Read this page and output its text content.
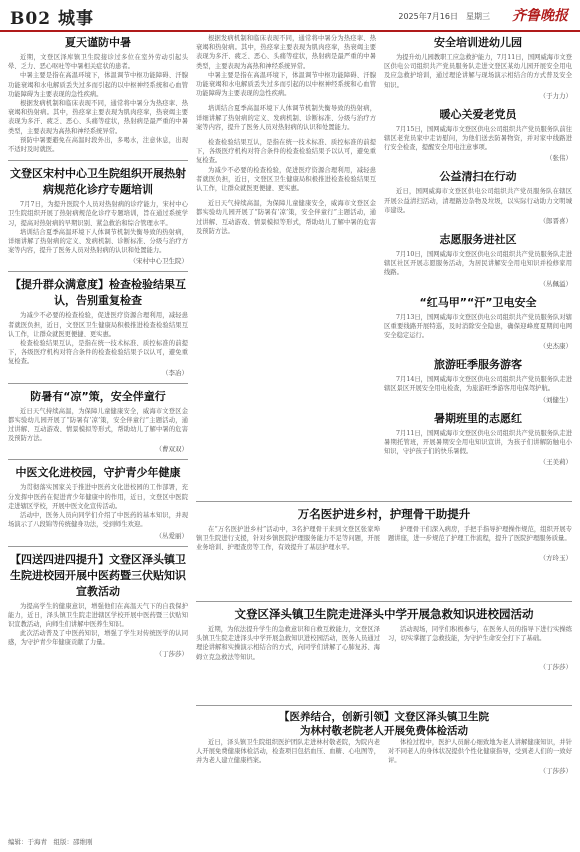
B02 城事	2025年7月16日　星期三 齐鲁晚报
夏天谨防中暑

近期，文登区泽库镇卫生院接诊过多位在室外劳动引起头晕、乏力、恶心呕吐等中暑相关症状的患者。

中暑主要是指在高温环境下，体温调节中枢功能障碍、汗腺功能衰竭和水电解质丢失过多而引起的以中枢神经系统和心血管功能障碍为主要表现的急性疾病。

根据发病机制和临床表现不同，通常将中暑分为热痉挛、热衰竭和热射病。其中，热痉挛主要表现为肌肉痉挛，热衰竭主要表现为多汗、疲乏、恶心、头痛等症状，热射病是最严重的中暑类型，主要表现为高热和神经系统异常。

预防中暑要避免在高温时段外出，多喝水，注意休息，出现不适时及时就医。

文登区宋村中心卫生院组织开展热射病规范化诊疗专题培训

7月7日，为提升医院个人员对热射病的诊疗能力，宋村中心卫生院组织开展了热射病规范化诊疗专题培训，旨在通过系统学习，提高对热射病的早期识别、紧急救治和综合管理水平。

培训结合夏季高温环境下人体调节机制失衡导致的热射病，详细讲解了热射病的定义、发病机制、诊断标准、分级与治疗方案等内容，提升了医务人员对热射病的认识和处置能力。

（宋村中心卫生院）
【提升群众满意度】检查检验结果互认，告别重复检查

为减少不必要的检查检验，促进医疗资源合理利用，减轻患者就医负担，近日，文登区卫生健康局积极推进检查检验结果互认工作，让群众就医更便捷、更实惠。

检查检验结果互认，是指在统一技术标准、质控标准的前提下，各级医疗机构对符合条件的检查检验结果予以认可，避免重复检查。

（李冶）
防暑有“凉”策，安全伴童行

近日天气持续高温，为保障儿童健康安全，威海市文登区金都实验幼儿园开展了“防暑有‘凉’策，安全伴童行”主题活动，通过讲解、互动游戏、情景模拟等形式，帮助幼儿了解中暑的危害及预防方法。

（曹双双）
中医文化进校园，守护青少年健康

为贯彻落实国家关于推进中医药文化进校园的工作部署，充分发挥中医药在促进青少年健康中的作用，近日，文登区中医院走进辖区学校，开展中医文化宣传活动。

活动中，医务人员向同学们介绍了中医药的基本知识，并现场演示了八段锦等传统健身功法，受到师生欢迎。

（丛爱丽）
【四送四进四提升】文登区泽头镇卫生院进校园开展中医药暨三伏贴知识宣教活动

为提高学生的健康意识，增强他们在高温天气下的自我保护能力，近日，泽头镇卫生院走进辖区学校开展中医药暨三伏贴知识宣教活动，向师生们讲解中医养生知识。

此次活动普及了中医药知识，增强了学生对传统医学的认同感，为守护青少年健康贡献了力量。

（丁莎莎）
安全培训进幼儿园

为提升幼儿园教职工应急救护能力，7月11日，国网威海市文登区供电公司组织共产党员服务队走进文登区某幼儿园开展安全用电及应急救护培训，通过理论讲解与现场演示相结合的方式普及安全知识。

（于力力）
暖心关爱老党员

7月15日，国网威海市文登区供电公司组织共产党员服务队前往辖区老党员家中走访慰问，为他们送去防暑物资，并对家中线路进行安全检查，提醒安全用电注意事项。

（张伟）
公益清扫在行动

近日，国网威海市文登区供电公司组织共产党员服务队在辖区开展公益清扫活动，清理路边杂物及垃圾，以实际行动助力文明城市建设。

（郎晋喜）
志愿服务进社区

7月10日，国网威海市文登区供电公司组织共产党员服务队走进辖区社区开展志愿服务活动，为居民讲解安全用电知识并检修家用线路。

（丛佩溢）
“红马甲”“汗”卫电安全

7月13日，国网威海市文登区供电公司组织共产党员服务队对辖区重要线路开展特巡，及时消除安全隐患，确保迎峰度夏期间电网安全稳定运行。

（史杰康）
旅游旺季服务游客

7月14日，国网威海市文登区供电公司组织共产党员服务队走进辖区景区开展安全用电检查，为旅游旺季游客用电保驾护航。

（刘健生）
暑期班里的志愿红

7月11日，国网威海市文登区供电公司组织共产党员服务队走进暑期托管班，开展暑期安全用电知识宣讲，为孩子们讲解防触电小知识，守护孩子们的快乐暑假。

（王美莉）

根据发病机制和临床表现不同，通常将中暑分为热痉挛、热衰竭和热射病。其中，热痉挛主要表现为肌肉痉挛，热衰竭主要表现为多汗、疲乏、恶心、头痛等症状，热射病是最严重的中暑类型，主要表现为高热和神经系统异常。

中暑主要是指在高温环境下，体温调节中枢功能障碍、汗腺功能衰竭和水电解质丢失过多而引起的以中枢神经系统和心血管功能障碍为主要表现的急性疾病。

培训结合夏季高温环境下人体调节机制失衡导致的热射病，详细讲解了热射病的定义、发病机制、诊断标准、分级与治疗方案等内容，提升了医务人员对热射病的认识和处置能力。

检查检验结果互认，是指在统一技术标准、质控标准的前提下，各级医疗机构对符合条件的检查检验结果予以认可，避免重复检查。

为减少不必要的检查检验，促进医疗资源合理利用，减轻患者就医负担，近日，文登区卫生健康局积极推进检查检验结果互认工作，让群众就医更便捷、更实惠。

近日天气持续高温，为保障儿童健康安全，威海市文登区金都实验幼儿园开展了“防暑有‘凉’策，安全伴童行”主题活动，通过讲解、互动游戏、情景模拟等形式，帮助幼儿了解中暑的危害及预防方法。

万名医护进乡村，护理骨干助提升

在“万名医护进乡村”活动中，3名护理骨干来到文登区张家埠镇卫生院进行支援，针对乡镇医院护理服务能力不足等问题，开展业务培训、护理查房等工作，有效提升了基层护理水平。

护理骨干们深入病房，手把手指导护理操作规范，组织开展专题讲座，进一步规范了护理工作流程，提升了医院护理服务质量。

（方玲玉）
文登区泽头镇卫生院走进泽头中学开展急救知识进校园活动

近期，为依法提升学生的急救意识和自救互救能力，文登区泽头镇卫生院走进泽头中学开展急救知识进校园活动，医务人员通过理论讲解和实操演示相结合的方式，向同学们讲解了心肺复苏、海姆立克急救法等知识。

活动现场，同学们积极参与，在医务人员的指导下进行实操练习，切实掌握了急救技能，为守护生命安全打下了基础。

（丁莎莎）
【医养结合，创新引领】文登区泽头镇卫生院
为林村敬老院老人开展免费体检活动

近日，泽头镇卫生院组织医护团队走进林村敬老院，为院内老人开展免费健康体检活动，检查项目包括血压、血糖、心电图等，并为老人建立健康档案。

体检过程中，医护人员耐心细致地为老人讲解健康知识，并针对不同老人的身体状况提供个性化健康指导，受到老人们的一致好评。

（丁莎莎）
编辑：于海青　组版：邵维刚
